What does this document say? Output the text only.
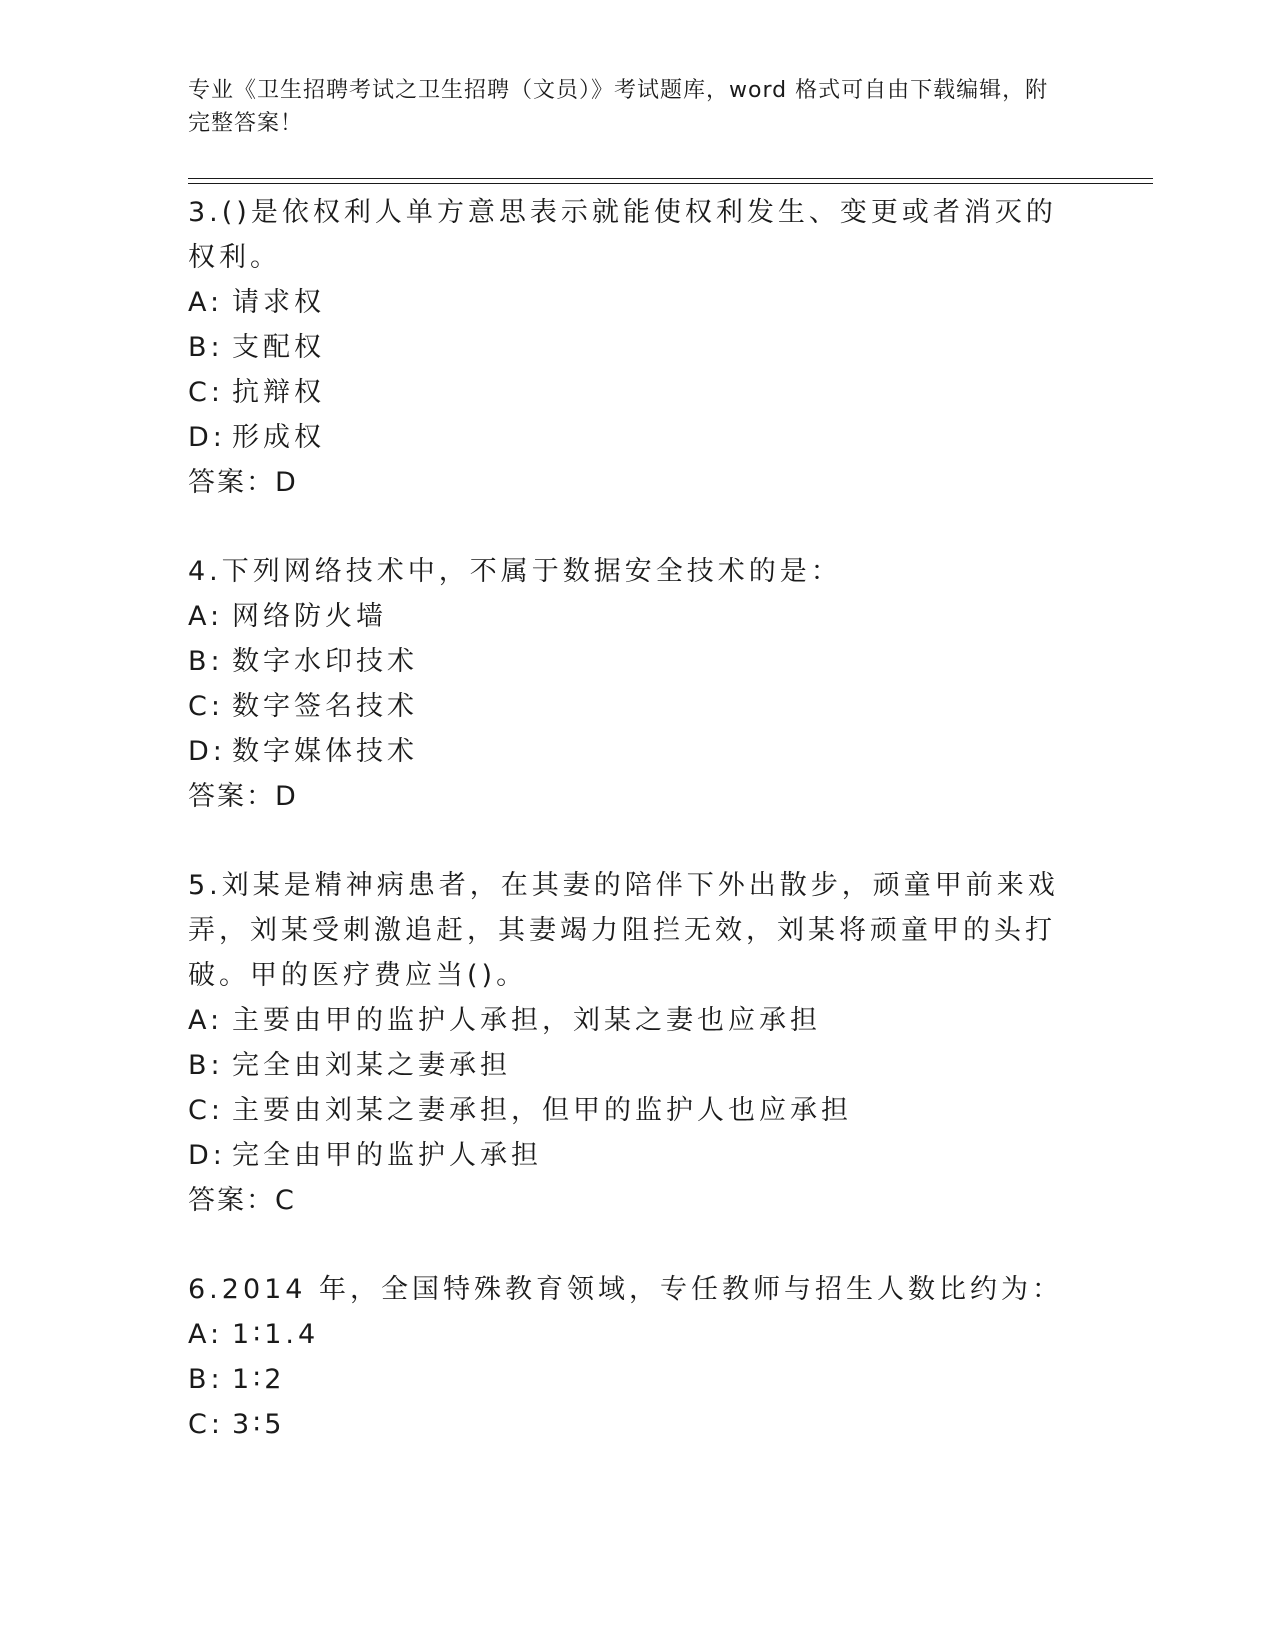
专业《卫生招聘考试之卫生招聘（文员）》考试题库，word 格式可自由下载编辑，附完整答案！
3.()是依权利人单方意思表示就能使权利发生、变更或者消灭的权利。
A: 请求权
B: 支配权
C: 抗辩权
D: 形成权
答案：D
4.下列网络技术中，不属于数据安全技术的是：
A: 网络防火墙
B: 数字水印技术
C: 数字签名技术
D: 数字媒体技术
答案：D
5.刘某是精神病患者，在其妻的陪伴下外出散步，顽童甲前来戏弄，刘某受刺激追赶，其妻竭力阻拦无效，刘某将顽童甲的头打破。甲的医疗费应当()。
A: 主要由甲的监护人承担，刘某之妻也应承担
B: 完全由刘某之妻承担
C: 主要由刘某之妻承担，但甲的监护人也应承担
D: 完全由甲的监护人承担
答案：C
6.2014 年，全国特殊教育领域，专任教师与招生人数比约为：
A: 1∶1.4
B: 1∶2
C: 3∶5
